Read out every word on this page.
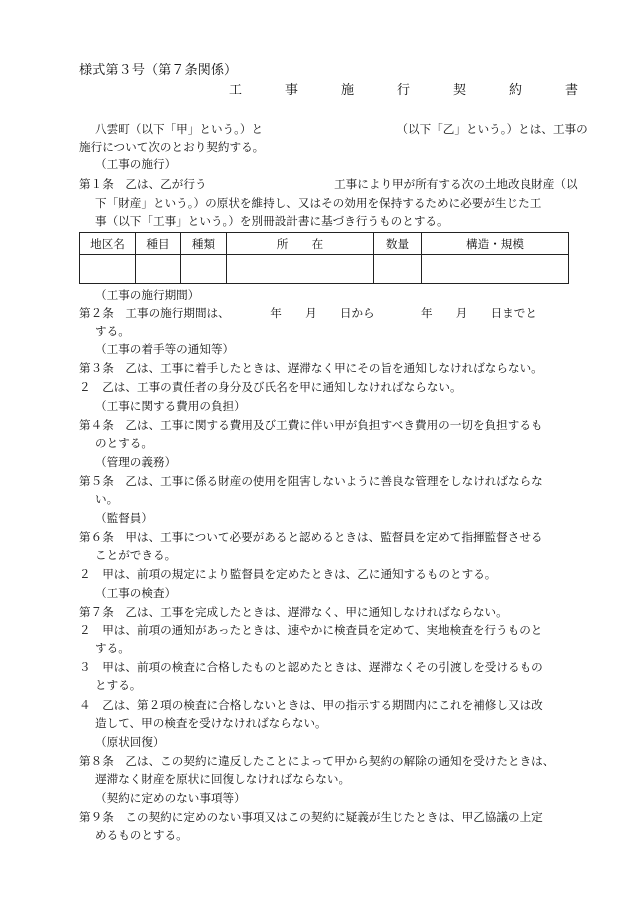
様式第３号（第７条関係）
工　事　施　行　契　約　書
八雲町（以下「甲」という。）と　　　　　　　　　　　　（以下「乙」という。）とは、工事の
施行について次のとおり契約する。
（工事の施行）
第１条　乙は、乙が行う　　　　　　　　　　　工事により甲が所有する次の土地改良財産（以
下「財産」という。）の原状を維持し、又はその効用を保持するために必要が生じた工
事（以下「工事」という。）を別冊設計書に基づき行うものとする。
（工事の施行期間）
第２条　工事の施行期間は、　　　　年　　月　　日から　　　　年　　月　　日までと
する。
（工事の着手等の通知等）
第３条　乙は、工事に着手したときは、遅滞なく甲にその旨を通知しなければならない。
２　乙は、工事の責任者の身分及び氏名を甲に通知しなければならない。
（工事に関する費用の負担）
第４条　乙は、工事に関する費用及び工費に伴い甲が負担すべき費用の一切を負担するも
のとする。
（管理の義務）
第５条　乙は、工事に係る財産の使用を阻害しないように善良な管理をしなければならな
い。
（監督員）
第６条　甲は、工事について必要があると認めるときは、監督員を定めて指揮監督させる
ことができる。
２　甲は、前項の規定により監督員を定めたときは、乙に通知するものとする。
（工事の検査）
第７条　乙は、工事を完成したときは、遅滞なく、甲に通知しなければならない。
２　甲は、前項の通知があったときは、速やかに検査員を定めて、実地検査を行うものと
する。
３　甲は、前項の検査に合格したものと認めたときは、遅滞なくその引渡しを受けるもの
とする。
４　乙は、第２項の検査に合格しないときは、甲の指示する期間内にこれを補修し又は改
造して、甲の検査を受けなければならない。
（原状回復）
第８条　乙は、この契約に違反したことによって甲から契約の解除の通知を受けたときは、
遅滞なく財産を原状に回復しなければならない。
（契約に定めのない事項等）
第９条　この契約に定めのない事項又はこの契約に疑義が生じたときは、甲乙協議の上定
めるものとする。
地区名	種目	種類	所　　在	数量	構造・規模
